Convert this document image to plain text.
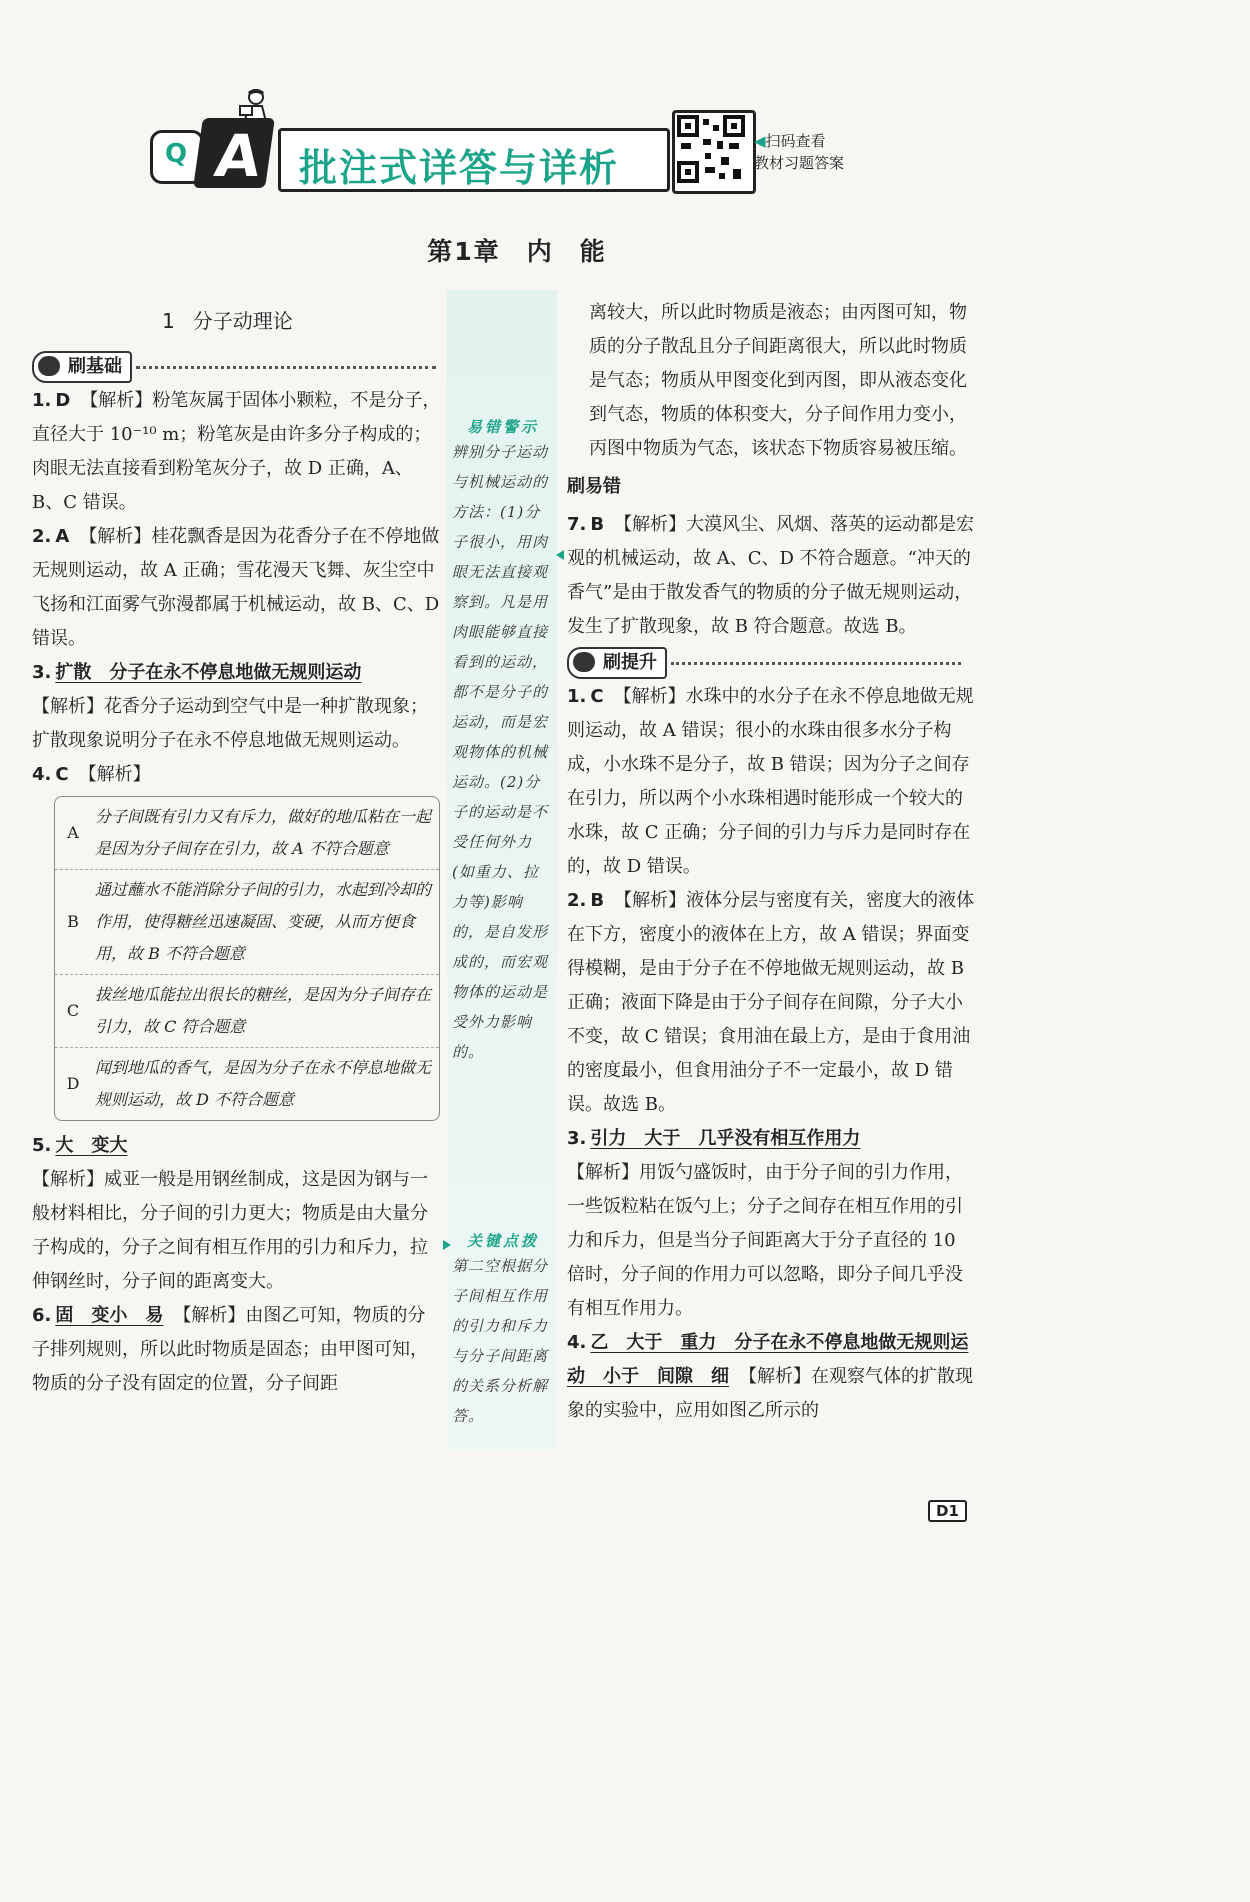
Q A 批注式详答与详析
◀扫码查看
教材习题答案
第1章 内 能
1 分子动理论
易错警示
辨别分子运动与机械运动的方法：(1)分子很小，用肉眼无法直接观察到。凡是用肉眼能够直接看到的运动，都不是分子的运动，而是宏观物体的机械运动。(2)分子的运动是不受任何外力(如重力、拉力等)影响的，是自发形成的，而宏观物体的运动是受外力影响的。
关键点拨
第二空根据分子间相互作用的引力和斥力与分子间距离的关系分析解答。
刷基础

1. D 【解析】粉笔灰属于固体小颗粒，不是分子，直径大于 10⁻¹⁰ m；粉笔灰是由许多分子构成的；肉眼无法直接看到粉笔灰分子，故 D 正确，A、B、C 错误。

2. A 【解析】桂花飘香是因为花香分子在不停地做无规则运动，故 A 正确；雪花漫天飞舞、灰尘空中飞扬和江面雾气弥漫都属于机械运动，故 B、C、D 错误。

3. 扩散　分子在永不停息地做无规则运动
【解析】花香分子运动到空气中是一种扩散现象；扩散现象说明分子在永不停息地做无规则运动。

4. C 【解析】

A
分子间既有引力又有斥力，做好的地瓜粘在一起是因为分子间存在引力，故 A 不符合题意
B
通过蘸水不能消除分子间的引力，水起到冷却的作用，使得糖丝迅速凝固、变硬，从而方便食用，故 B 不符合题意
C
拔丝地瓜能拉出很长的糖丝，是因为分子间存在引力，故 C 符合题意
D
闻到地瓜的香气，是因为分子在永不停息地做无规则运动，故 D 不符合题意

5. 大　变大
【解析】威亚一般是用钢丝制成，这是因为钢与一般材料相比，分子间的引力更大；物质是由大量分子构成的，分子之间有相互作用的引力和斥力，拉伸钢丝时，分子间的距离变大。

6. 固　变小　易 【解析】由图乙可知，物质的分子排列规则，所以此时物质是固态；由甲图可知，物质的分子没有固定的位置，分子间距

离较大，所以此时物质是液态；由丙图可知，物质的分子散乱且分子间距离很大，所以此时物质是气态；物质从甲图变化到丙图，即从液态变化到气态，物质的体积变大，分子间作用力变小，丙图中物质为气态，该状态下物质容易被压缩。

刷易错

7. B 【解析】大漠风尘、风烟、落英的运动都是宏观的机械运动，故 A、C、D 不符合题意。“冲天的香气”是由于散发香气的物质的分子做无规则运动，发生了扩散现象，故 B 符合题意。故选 B。

刷提升

1. C 【解析】水珠中的水分子在永不停息地做无规则运动，故 A 错误；很小的水珠由很多水分子构成，小水珠不是分子，故 B 错误；因为分子之间存在引力，所以两个小水珠相遇时能形成一个较大的水珠，故 C 正确；分子间的引力与斥力是同时存在的，故 D 错误。

2. B 【解析】液体分层与密度有关，密度大的液体在下方，密度小的液体在上方，故 A 错误；界面变得模糊，是由于分子在不停地做无规则运动，故 B 正确；液面下降是由于分子间存在间隙，分子大小不变，故 C 错误；食用油在最上方，是由于食用油的密度最小，但食用油分子不一定最小，故 D 错误。故选 B。

3. 引力　大于　几乎没有相互作用力
【解析】用饭勺盛饭时，由于分子间的引力作用，一些饭粒粘在饭勺上；分子之间存在相互作用的引力和斥力，但是当分子间距离大于分子直径的 10 倍时，分子间的作用力可以忽略，即分子间几乎没有相互作用力。

4. 乙　大于　重力　分子在永不停息地做无规则运动　小于　间隙　细 【解析】在观察气体的扩散现象的实验中，应用如图乙所示的

D1
